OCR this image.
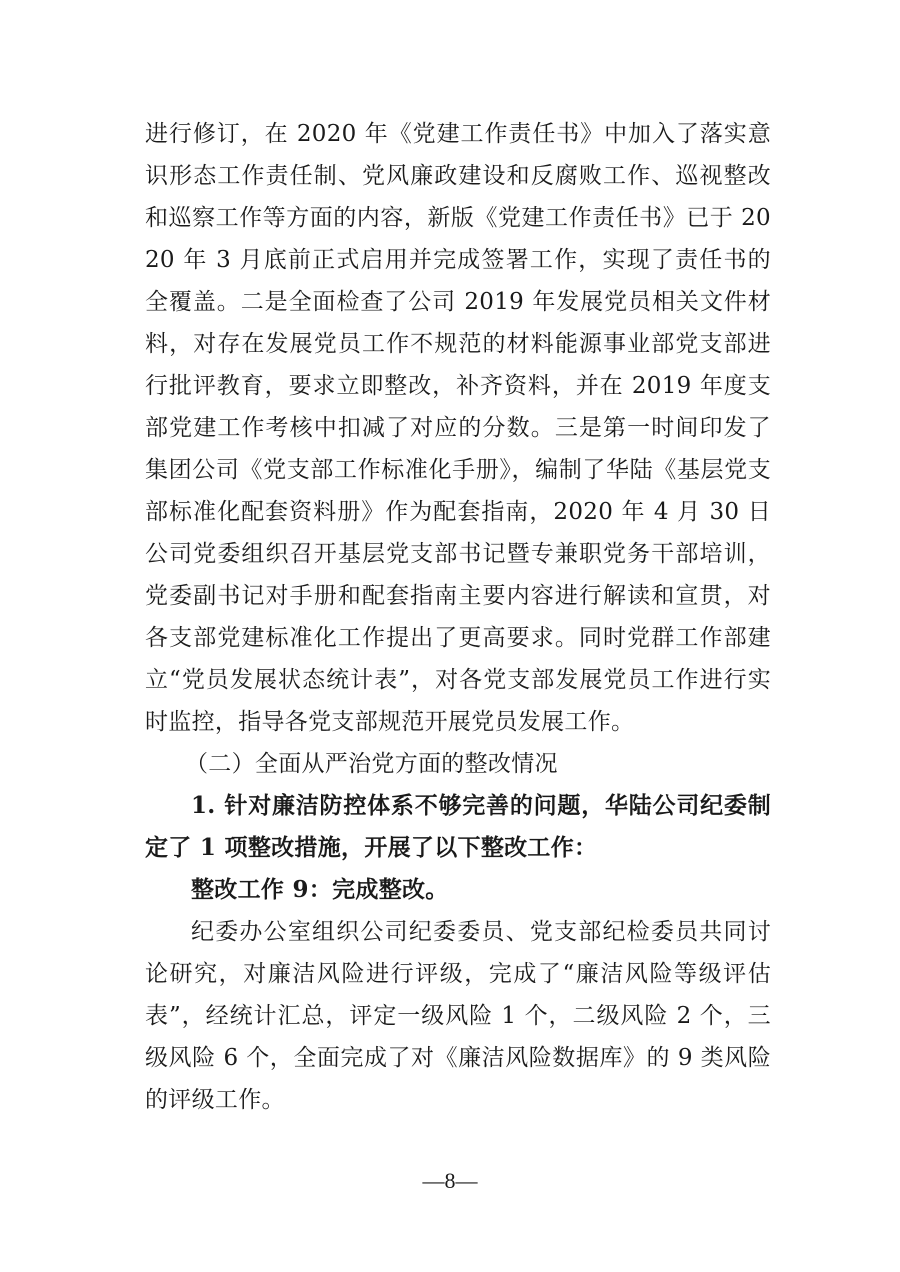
进行修订，在 2020 年《党建工作责任书》中加入了落实意识形态工作责任制、党风廉政建设和反腐败工作、巡视整改和巡察工作等方面的内容，新版《党建工作责任书》已于 2020 年 3 月底前正式启用并完成签署工作，实现了责任书的全覆盖。二是全面检查了公司 2019 年发展党员相关文件材料，对存在发展党员工作不规范的材料能源事业部党支部进行批评教育，要求立即整改，补齐资料，并在 2019 年度支部党建工作考核中扣减了对应的分数。三是第一时间印发了集团公司《党支部工作标准化手册》，编制了华陆《基层党支部标准化配套资料册》作为配套指南，2020 年 4 月 30 日公司党委组织召开基层党支部书记暨专兼职党务干部培训，党委副书记对手册和配套指南主要内容进行解读和宣贯，对各支部党建标准化工作提出了更高要求。同时党群工作部建立“党员发展状态统计表”，对各党支部发展党员工作进行实时监控，指导各党支部规范开展党员发展工作。

（二）全面从严治党方面的整改情况

1. 针对廉洁防控体系不够完善的问题，华陆公司纪委制定了 1 项整改措施，开展了以下整改工作：

整改工作 9：完成整改。

纪委办公室组织公司纪委委员、党支部纪检委员共同讨论研究，对廉洁风险进行评级，完成了“廉洁风险等级评估表”，经统计汇总，评定一级风险 1 个，二级风险 2 个，三级风险 6 个，全面完成了对《廉洁风险数据库》的 9 类风险的评级工作。

—8—
